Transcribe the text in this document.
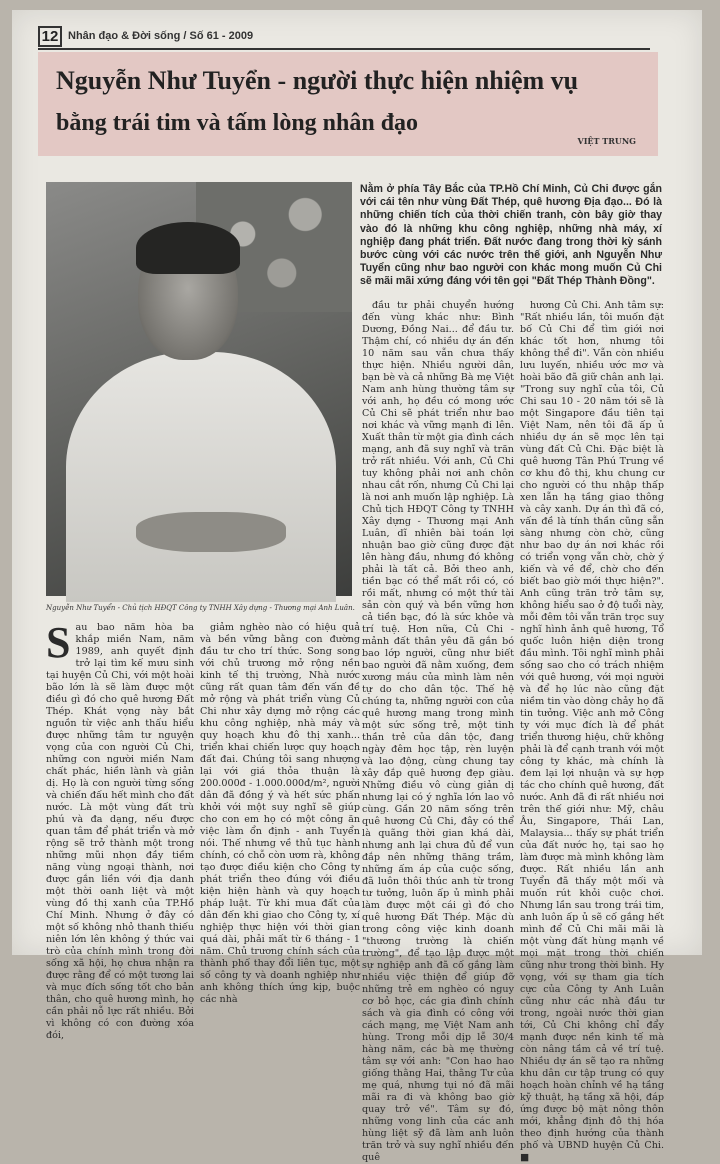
12 Nhân đạo & Đời sống / Số 61 - 2009
Nguyễn Như Tuyển - người thực hiện nhiệm vụ
bằng trái tim và tấm lòng nhân đạo
VIỆT TRUNG
Nguyễn Như Tuyển - Chủ tịch HĐQT Công ty TNHH Xây dựng - Thương mại Anh Luân.
Nằm ở phía Tây Bắc của TP.Hồ Chí Minh, Củ Chi được gắn với cái tên như vùng Đất Thép, quê hương Địa đạo... Đó là những chiến tích của thời chiến tranh, còn bây giờ thay vào đó là những khu công nghiệp, những nhà máy, xí nghiệp đang phát triển. Đất nước đang trong thời kỳ sánh bước cùng với các nước trên thế giới, anh Nguyễn Như Tuyển cũng như bao người con khác mong muốn Củ Chi sẽ mãi mãi xứng đáng với tên gọi "Đất Thép Thành Đồng".
Sau bao năm hòa ba khắp miền Nam, năm 1989, anh quyết định trở lại tìm kế mưu sinh tại huyện Củ Chi, với một hoài bão lớn là sẽ làm được một điều gì đó cho quê hương Đất Thép. Khát vọng này bắt nguồn từ việc anh thấu hiểu được những tâm tư nguyện vọng của con người Củ Chi, những con người miền Nam chất phác, hiền lành và giản dị. Họ là con người từng sống và chiến đấu hết mình cho đất nước. Là một vùng đất trù phú và đa dạng, nếu được quan tâm để phát triển và mở rộng sẽ trở thành một trong những mũi nhọn đầy tiềm năng vùng ngoại thành, nơi được gắn liền với địa danh một thời oanh liệt và một vùng đồ thị xanh của TP.Hồ Chí Minh. Nhưng ở đây có một số không nhỏ thanh thiếu niên lớn lên không ý thức vai trò của chính mình trong đời sống xã hội, họ chưa nhận ra được rằng để có một tương lai và mục đích sống tốt cho bản thân, cho quê hương mình, họ cần phải nỗ lực rất nhiều. Bởi vì không có con đường xóa đói,

giảm nghèo nào có hiệu quả và bền vững bằng con đường đầu tư cho trí thức. Song song với chủ trương mở rộng nền kinh tế thị trường, Nhà nước cũng rất quan tâm đến vấn đề mở rộng và phát triển vùng Củ Chi như xây dựng mở rộng các khu công nghiệp, nhà máy và quy hoạch khu đô thị xanh... triển khai chiến lược quy hoạch đất đai. Chúng tôi sang nhượng lại với giá thỏa thuận là 200.000đ - 1.000.000đ/m², người dân đã đồng ý và hết sức phấn khởi với một suy nghĩ sẽ giúp cho con em họ có một công ăn việc làm ổn định - anh Tuyển nói. Thế nhưng về thủ tục hành chính, có chỗ còn ươm rà, không tạo được điều kiện cho Công ty phát triển theo đúng với điều kiện hiện hành và quy hoạch pháp luật. Từ khi mua đất của dân đến khi giao cho Công ty, xí nghiệp thực hiện với thời gian quá dài, phải mất từ 6 tháng - 1 năm. Chủ trương chính sách của thành phố thay đổi liên tục, một số công ty và doanh nghiệp như anh không thích ứng kịp, buộc các nhà

đầu tư phải chuyển hướng đến vùng khác như: Bình Dương, Đồng Nai... để đầu tư. Thậm chí, có nhiều dự án đến 10 năm sau vẫn chưa thấy thực hiện. Nhiều người dân, bạn bè và cả những Bà mẹ Việt Nam anh hùng thường tâm sự với anh, họ đều có mong ước Củ Chi sẽ phát triển như bao nơi khác và vững mạnh đi lên. Xuất thân từ một gia đình cách mạng, anh đã suy nghĩ và trăn trở rất nhiều. Với anh, Củ Chi tuy không phải nơi anh chôn nhau cắt rốn, nhưng Củ Chi lại là nơi anh muốn lập nghiệp. Là Chủ tịch HĐQT Công ty TNHH Xây dựng - Thương mại Anh Luân, dĩ nhiên bài toán lợi nhuận bao giờ cũng được đặt lên hàng đầu, nhưng đó không phải là tất cả. Bởi theo anh, tiền bạc có thể mất rồi có, có rồi mất, nhưng có một thứ tài sản còn quý và bền vững hơn cả tiền bạc, đó là sức khỏe và trí tuệ. Hơn nữa, Củ Chi - mảnh đất thân yêu đã gắn bó bao lớp người, cũng như biết bao người đã nằm xuống, đem xương máu của mình làm nên tự do cho dân tộc. Thế hệ chúng ta, những người con của quê hương mang trong mình một sức sống trẻ, một tinh thần trẻ của dân tộc, đang ngày đêm học tập, rèn luyện và lao động, cùng chung tay xây đắp quê hương đẹp giàu. Những điều vô cùng giản dị nhưng lại có ý nghĩa lớn lao vô cùng. Gần 20 năm sống trên quê hương Củ Chi, đây có thể là quãng thời gian khá dài, nhưng anh lại chưa đủ để vun đắp nên những thăng trầm, những ấm áp của cuộc sống, đã luôn thôi thúc anh từ trong tư tưởng, luôn ấp ủ mình phải làm được một cái gì đó cho quê hương Đất Thép. Mặc dù trong công việc kinh doanh "thương trường là chiến trường", để tạo lập được một sự nghiệp anh đã cố gắng làm nhiều việc thiện để giúp đỡ những trẻ em nghèo có nguy cơ bỏ học, các gia đình chính sách và gia đình có công với cách mạng, mẹ Việt Nam anh hùng. Trong mỗi dịp lễ 30/4 hàng năm, các bà mẹ thường tâm sự với anh: "Con hao hao giống thằng Hai, thằng Tư của mẹ quá, nhưng tụi nó đã mãi mãi ra đi và không bao giờ quay trở về". Tâm sự đó, những vong linh của các anh hùng liệt sỹ đã làm anh luôn trăn trở và suy nghĩ nhiều đến quê

hương Củ Chi. Anh tâm sự: "Rất nhiều lần, tôi muốn đặt bố Củ Chi để tìm giới nơi khác tốt hơn, nhưng tôi không thể đi". Vẫn còn nhiều lưu luyến, nhiều ước mơ và hoài bão đã giữ chân anh lại. "Trong suy nghĩ của tôi, Củ Chi sau 10 - 20 năm tới sẽ là một Singapore đầu tiên tại Việt Nam, nên tôi đã ấp ủ nhiều dự án sẽ mọc lên tại vùng đất Củ Chi. Đặc biệt là quê hương Tân Phú Trung về cơ khu đô thị, khu chung cư cho người có thu nhập thấp xen lẫn hạ tầng giao thông và cây xanh. Dự án thì đã có, vấn đề là tính thần cũng sẵn sàng nhưng còn chờ, cũng như bao dự án nơi khác rồi có triển vọng vẫn chờ, chờ ý kiến và về để, chờ cho đến biết bao giờ mới thực hiện?". Anh cũng trăn trở tâm sự, không hiểu sao ở độ tuổi này, mỗi đêm tôi vẫn trăn trọc suy nghĩ hình ảnh quê hương, Tổ quốc luôn hiện diện trong đầu mình. Tôi nghĩ mình phải sống sao cho có trách nhiệm với quê hương, với mọi người và để họ lúc nào cũng đặt niềm tin vào dòng chảy họ đã tin tưởng. Việc anh mở Công ty với mục đích là để phát triển thương hiệu, chữ không phải là để cạnh tranh với một công ty khác, mà chính là đem lại lợi nhuận và sự hợp tác cho chính quê hương, đất nước. Anh đã đi rất nhiều nơi trên thế giới như: Mỹ, châu Âu, Singapore, Thái Lan, Malaysia... thấy sự phát triển của đất nước họ, tại sao họ làm được mà mình không làm được. Rất nhiều lần anh Tuyển đã thấy một mối và muốn rút khỏi cuộc chơi. Nhưng lần sau trong trái tim, anh luôn ấp ủ sẽ cố gắng hết mình để Củ Chi mãi mãi là một vùng đất hùng mạnh về mọi mặt trong thời chiến cũng như trong thời bình. Hy vọng, với sự tham gia tích cực của Công ty Anh Luân cũng như các nhà đầu tư trong, ngoài nước thời gian tới, Củ Chi không chỉ đẩy mạnh được nền kinh tế mà còn nâng tầm cả về trí tuệ. Nhiều dự án sẽ tạo ra những khu dân cư tập trung có quy hoạch hoàn chỉnh về hạ tầng kỹ thuật, hạ tầng xã hội, đáp ứng được bộ mặt nông thôn mới, khẳng định đô thị hóa theo định hướng của thành phố và UBND huyện Củ Chi. ■
